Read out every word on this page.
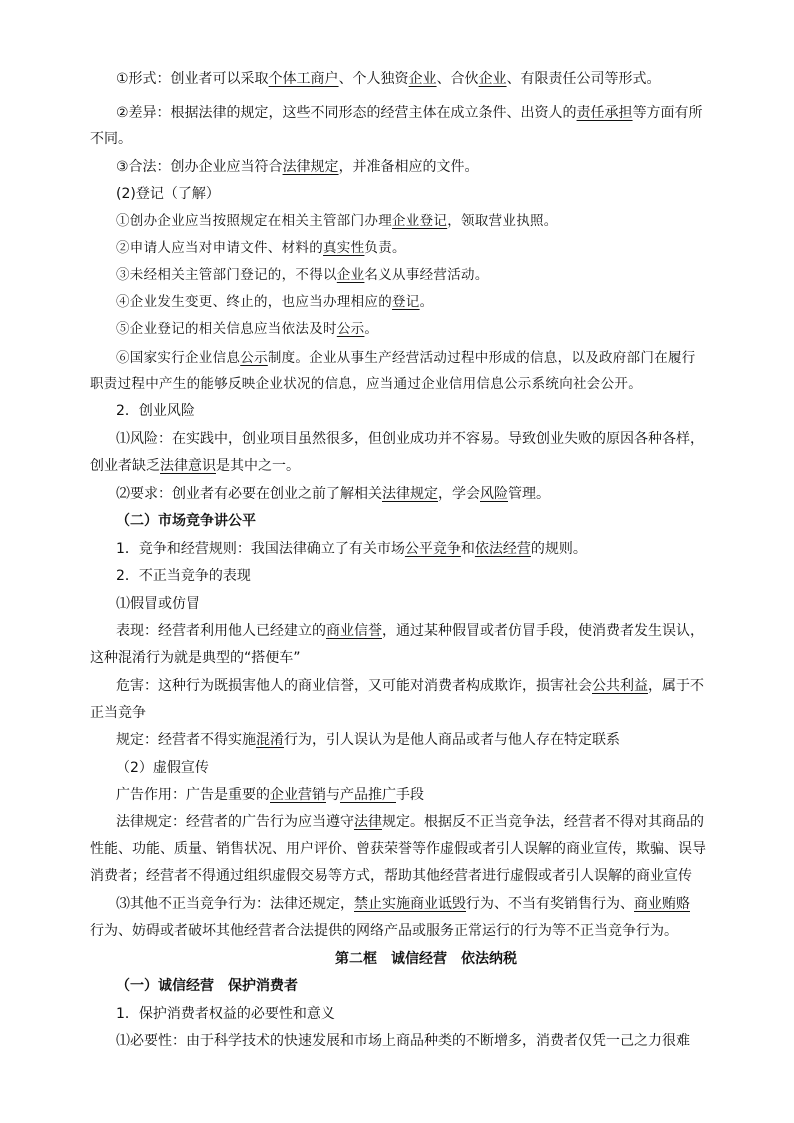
①形式：创业者可以采取个体工商户、个人独资企业、合伙企业、有限责任公司等形式。
②差异：根据法律的规定，这些不同形态的经营主体在成立条件、出资人的责任承担等方面有所
不同。
③合法：创办企业应当符合法律规定，并准备相应的文件。
(2)登记（了解）
①创办企业应当按照规定在相关主管部门办理企业登记，领取营业执照。
②申请人应当对申请文件、材料的真实性负责。
③未经相关主管部门登记的，不得以企业名义从事经营活动。
④企业发生变更、终止的，也应当办理相应的登记。
⑤企业登记的相关信息应当依法及时公示。
⑥国家实行企业信息公示制度。企业从事生产经营活动过程中形成的信息，以及政府部门在履行
职责过程中产生的能够反映企业状况的信息，应当通过企业信用信息公示系统向社会公开。
2．创业风险
⑴风险：在实践中，创业项目虽然很多，但创业成功并不容易。导致创业失败的原因各种各样，
创业者缺乏法律意识是其中之一。
⑵要求：创业者有必要在创业之前了解相关法律规定，学会风险管理。
（二）市场竞争讲公平
1．竞争和经营规则：我国法律确立了有关市场公平竞争和依法经营的规则。
2．不正当竞争的表现
⑴假冒或仿冒
表现：经营者利用他人已经建立的商业信誉，通过某种假冒或者仿冒手段，使消费者发生误认，
这种混淆行为就是典型的“搭便车”
危害：这种行为既损害他人的商业信誉，又可能对消费者构成欺诈，损害社会公共利益，属于不
正当竞争
规定：经营者不得实施混淆行为，引人误认为是他人商品或者与他人存在特定联系
（2）虚假宣传
广告作用：广告是重要的企业营销与产品推广手段
法律规定：经营者的广告行为应当遵守法律规定。根据反不正当竞争法，经营者不得对其商品的
性能、功能、质量、销售状况、用户评价、曾获荣誉等作虚假或者引人误解的商业宣传，欺骗、误导
消费者；经营者不得通过组织虚假交易等方式，帮助其他经营者进行虚假或者引人误解的商业宣传
⑶其他不正当竞争行为：法律还规定，禁止实施商业诋毁行为、不当有奖销售行为、商业贿赂
行为、妨碍或者破坏其他经营者合法提供的网络产品或服务正常运行的行为等不正当竞争行为。
第二框　诚信经营　依法纳税
（一）诚信经营　保护消费者
1．保护消费者权益的必要性和意义
⑴必要性：由于科学技术的快速发展和市场上商品种类的不断增多，消费者仅凭一己之力很难
